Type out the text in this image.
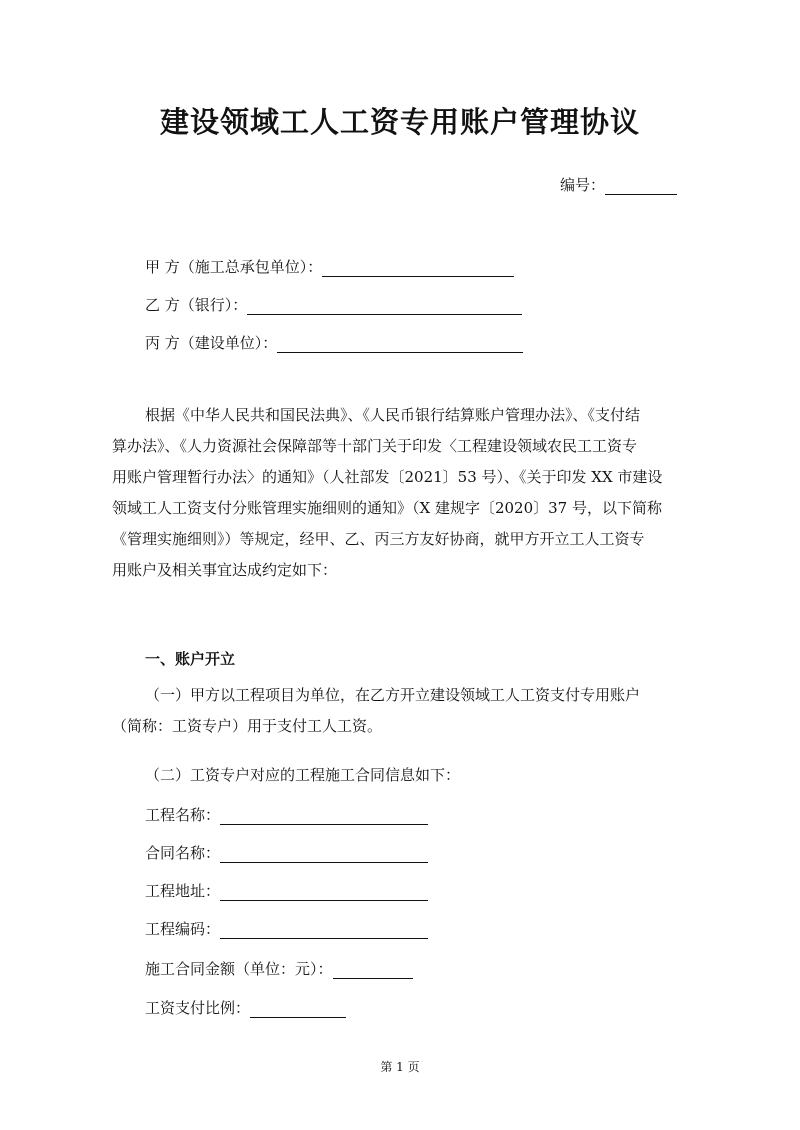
建设领域工人工资专用账户管理协议
编号：
甲 方（施工总承包单位）：
乙 方（银行）：
丙 方（建设单位）：
根据《中华人民共和国民法典》、《人民币银行结算账户管理办法》、《支付结
算办法》、《人力资源社会保障部等十部门关于印发〈工程建设领域农民工工资专
用账户管理暂行办法〉的通知》（人社部发〔2021〕53 号）、《关于印发 XX 市建设
领域工人工资支付分账管理实施细则的通知》（X 建规字〔2020〕37 号，以下简称
《管理实施细则》）等规定，经甲、乙、丙三方友好协商，就甲方开立工人工资专
用账户及相关事宜达成约定如下：
一、账户开立
（一）甲方以工程项目为单位，在乙方开立建设领域工人工资支付专用账户
（简称：工资专户）用于支付工人工资。
（二）工资专户对应的工程施工合同信息如下：
工程名称：
合同名称：
工程地址：
工程编码：
施工合同金额（单位：元）：
工资支付比例：
第 1 页
